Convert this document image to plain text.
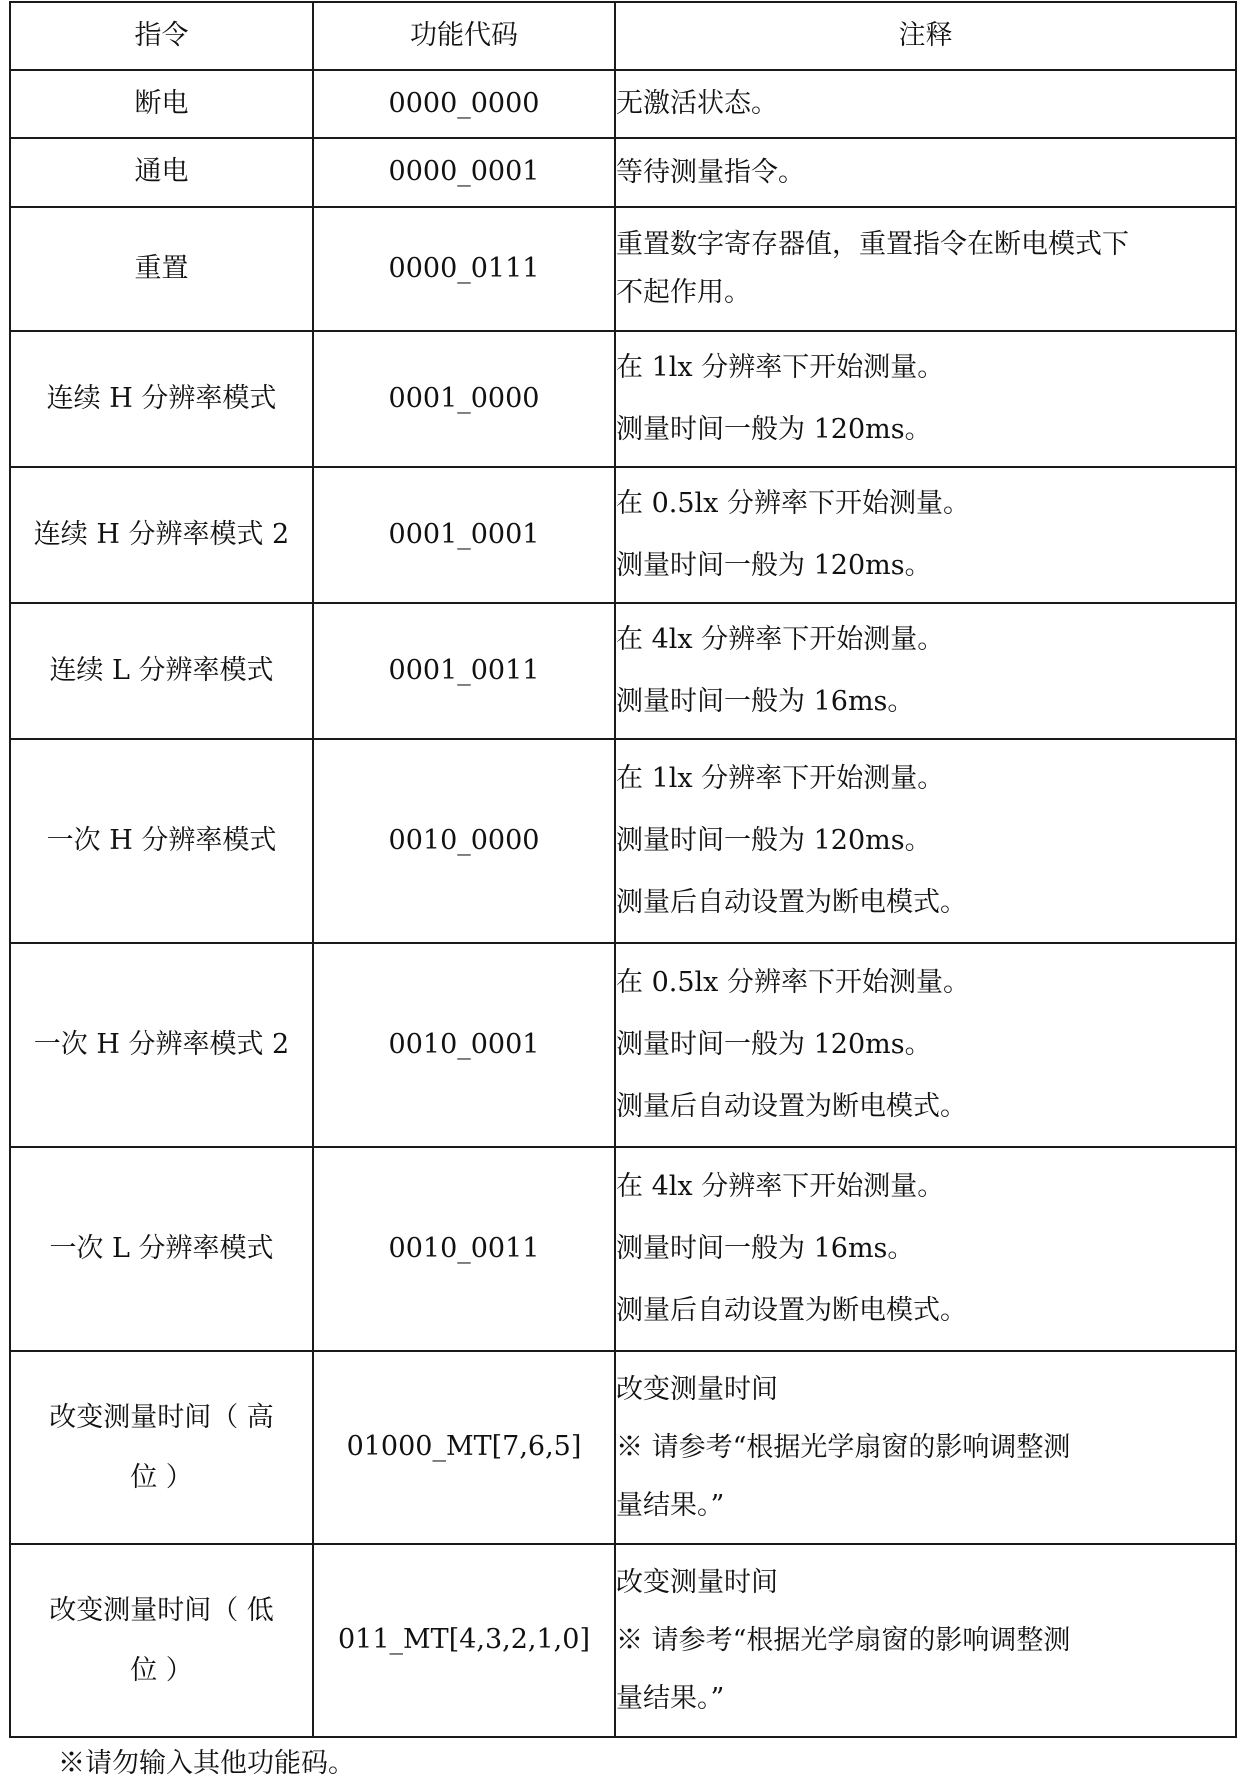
指令	功能代码	注释

断电	0000_0000	无激活状态。

通电	0000_0001	等待测量指令。

重置	0000_0111	重置数字寄存器值，重置指令在断电模式下
不起作用。

连续 H 分辨率模式	0001_0000	在 1lx 分辨率下开始测量。
测量时间一般为 120ms。

连续 H 分辨率模式 2	0001_0001	在 0.5lx 分辨率下开始测量。
测量时间一般为 120ms。

连续 L 分辨率模式	0001_0011	在 4lx 分辨率下开始测量。
测量时间一般为 16ms。

一次 H 分辨率模式	0010_0000	在 1lx 分辨率下开始测量。
测量时间一般为 120ms。
测量后自动设置为断电模式。

一次 H 分辨率模式 2	0010_0001	在 0.5lx 分辨率下开始测量。
测量时间一般为 120ms。
测量后自动设置为断电模式。

一次 L 分辨率模式	0010_0011	在 4lx 分辨率下开始测量。
测量时间一般为 16ms。
测量后自动设置为断电模式。

改变测量时间（ 高
位 ）	01000_MT[7,6,5]	改变测量时间
※ 请参考“根据光学扇窗的影响调整测
量结果。”

改变测量时间（ 低
位 ）	011_MT[4,3,2,1,0]	改变测量时间
※ 请参考“根据光学扇窗的影响调整测
量结果。”
※请勿输入其他功能码。
